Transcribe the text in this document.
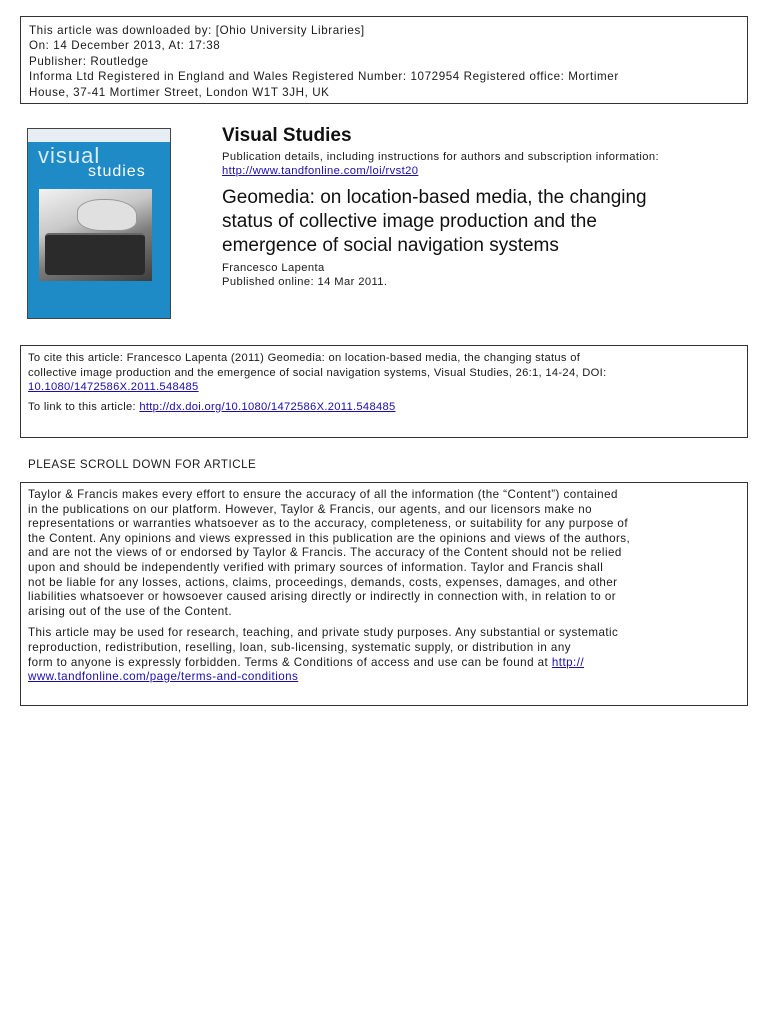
This article was downloaded by: [Ohio University Libraries]
On: 14 December 2013, At: 17:38
Publisher: Routledge
Informa Ltd Registered in England and Wales Registered Number: 1072954 Registered office: Mortimer
House, 37-41 Mortimer Street, London W1T 3JH, UK
visual
studies
Visual Studies
Publication details, including instructions for authors and subscription information:
http://www.tandfonline.com/loi/rvst20
Geomedia: on location-based media, the changing
status of collective image production and the
emergence of social navigation systems
Francesco Lapenta
Published online: 14 Mar 2011.
To cite this article: Francesco Lapenta (2011) Geomedia: on location-based media, the changing status of
collective image production and the emergence of social navigation systems, Visual Studies, 26:1, 14-24, DOI:
10.1080/1472586X.2011.548485
To link to this article: http://dx.doi.org/10.1080/1472586X.2011.548485
PLEASE SCROLL DOWN FOR ARTICLE
Taylor & Francis makes every effort to ensure the accuracy of all the information (the “Content”) contained
in the publications on our platform. However, Taylor & Francis, our agents, and our licensors make no
representations or warranties whatsoever as to the accuracy, completeness, or suitability for any purpose of
the Content. Any opinions and views expressed in this publication are the opinions and views of the authors,
and are not the views of or endorsed by Taylor & Francis. The accuracy of the Content should not be relied
upon and should be independently verified with primary sources of information. Taylor and Francis shall
not be liable for any losses, actions, claims, proceedings, demands, costs, expenses, damages, and other
liabilities whatsoever or howsoever caused arising directly or indirectly in connection with, in relation to or
arising out of the use of the Content.
This article may be used for research, teaching, and private study purposes. Any substantial or systematic
reproduction, redistribution, reselling, loan, sub-licensing, systematic supply, or distribution in any
form to anyone is expressly forbidden. Terms & Conditions of access and use can be found at http://
www.tandfonline.com/page/terms-and-conditions
